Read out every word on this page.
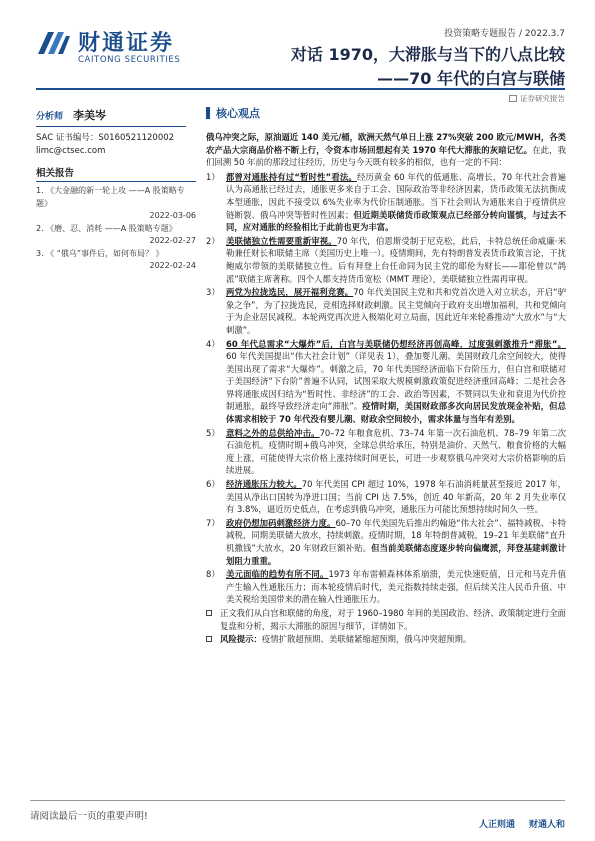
财通证券
CAITONG SECURITIES
投资策略专题报告 / 2022.3.7
对话 1970，大滞胀与当下的八点比较
——70 年代的白宫与联储
证券研究报告
分析师 李美岑
SAC 证书编号：S0160521120002
limc@ctsec.com
相关报告
1. 《大金融的新一轮上攻 ——A 股策略专题》
2022-03-06
2. 《磨、忍、消耗 ——A 股策略专题》
2022-02-27
3. 《 “俄乌”事件后，如何布局？ 》
2022-02-24
核心观点

俄乌冲突之际，原油逼近 140 美元/桶，欧洲天然气单日上涨 27%突破 200 欧元/MWH，各类农产品大宗商品价格不断上行，令资本市场回想起有关 1970 年代大滞胀的灰暗记忆。在此，我们回溯 50 年前的那段过往经历，历史与今天既有较多的相似，也有一定的不同：

1） 都曾对通胀持有过“暂时性”看法。经历黄金 60 年代的低通胀、高增长，70 年代社会普遍认为高通胀已经过去，通胀更多来自于工会、国际政治等非经济因素，货币政策无法抗衡成本型通胀，因此不接受以 6%失业率为代价压制通胀。当下社会则认为通胀来自于疫情供应链断裂、俄乌冲突等暂时性因素；但近期美联储货币政策观点已经部分转向谨慎，与过去不同，应对通胀的经验相比于此前也更为丰富。

2） 美联储独立性需要重新审视。70 年代，伯恩斯受制于尼克松，此后，卡特总统任命威廉·米勒兼任财长和联储主席（美国历史上唯一）。疫情期间，先有特朗普发表货币政策言论，干扰鲍威尔带领的美联储独立性。后有拜登上台任命同为民主党的耶伦为财长——耶伦曾以“鸽派”联储主席著称。四个人都支持货币宽松（MMT 理论），美联储独立性需再审视。

3） 两党为拉拢选民，展开福利竞赛。70 年代美国民主党和共和党首次进入对立状态，开启“驴象之争”，为了拉拢选民，竞相选择财政刺激。民主党倾向于政府支出增加福利，共和党倾向于为企业居民减税。本轮两党再次进入极端化对立局面，因此近年来轮番推动“大放水”与“大刺激”。

4） 60 年代总需求“大爆炸”后，白宫与美联储仍想经济再创高峰，过度强刺激推升“滞胀”。60 年代美国提出“伟大社会计划”（详见表 1），叠加婴儿潮、美国财政几余空间较大，使得美国出现了需求“大爆炸”。刺激之后，70 年代美国经济面临下台阶压力，但白宫和联储对于美国经济“下台阶”普遍不认同，试图采取大规模刺激政策促进经济重回高峰；二是社会各界将通胀成因归结为“暂时性、非经济”的工会、政治等因素，不赞同以失业和衰退为代价控制通胀，最终导致经济走向“滞胀”。疫情时期，美国财政部多次向居民发放现金补贴，但总体需求相较于 70 年代没有婴儿潮、财政余空间较小，需求体量与当年有差别。

5） 意料之外的总供给冲击。70–72 年粮食危机、73–74 年第一次石油危机、78–79 年第二次石油危机。疫情时期+俄乌冲突，全球总供给承压，特别是油价、天然气、粮食价格的大幅度上涨，可能使得大宗价格上涨持续时间更长，可进一步观察俄乌冲突对大宗价格影响的后续进展。

6） 经济通胀压力较大。70 年代美国 CPI 超过 10%，1978 年石油消耗量甚至接近 2017 年，美国从净出口国转为净进口国；当前 CPI 达 7.5%，创近 40 年新高，20 年 2 月失业率仅有 3.8%，逼近历史低点，在考虑到俄乌冲突，通胀压力可能比预想持续时间久一些。

7） 政府仍想加码刺激经济力度。60–70 年代美国先后推出约翰逊“伟大社会”、福特减税、卡特减税，同期美联储大放水，持续刺激。疫情时期，18 年特朗普减税，19–21 年美联储“直升机撒钱”大放水，20 年财政巨额补贴。但当前美联储态度逐步转向偏鹰派，拜登基建刺激计划阻力重重。

8） 美元面临的趋势有所不同。1973 年布雷顿森林体系崩溃，美元快速贬值，日元和马克升值产生输入性通胀压力；而本轮疫情后时代，美元指数持续走强，但后续关注人民币升值、中美关税给美国带来的潜在输入性通胀压力。

正文我们从白宫和联储的角度，对于 1960–1980 年间的美国政治、经济、政策制定进行全面复盘和分析，揭示大滞胀的原因与细节，详情如下。

风险提示：疫情扩散超预期、美联储紧缩超预期，俄乌冲突超预期。

请阅读最后一页的重要声明!
人正则通 财通人和
